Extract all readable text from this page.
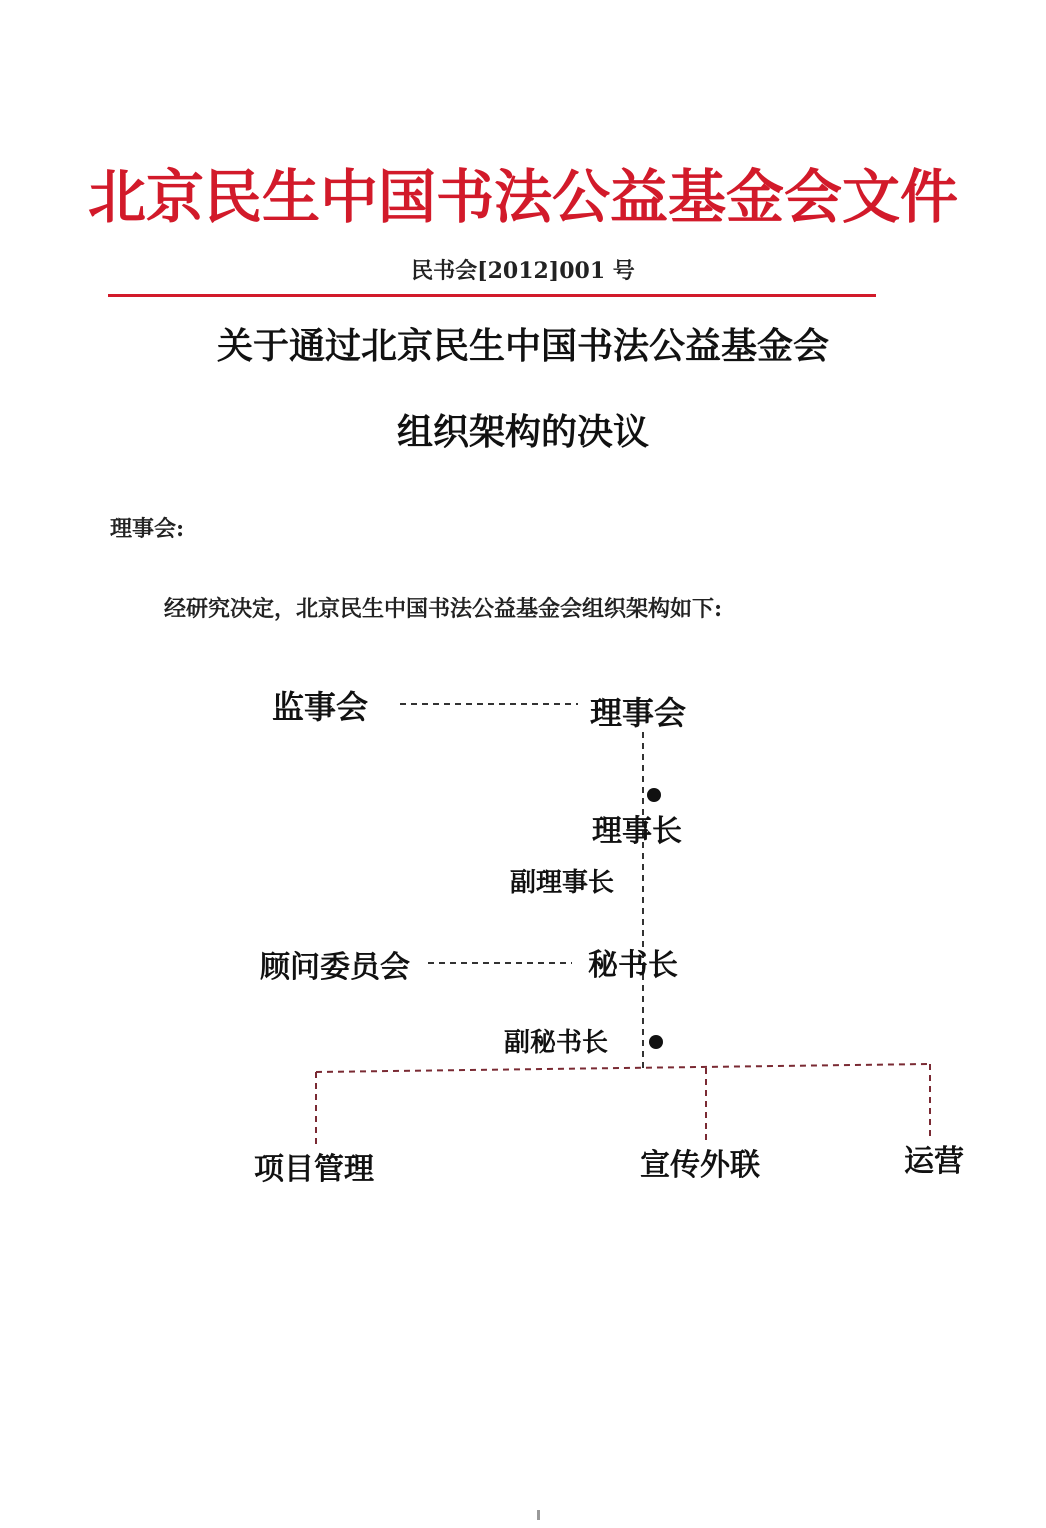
北京民生中国书法公益基金会文件
民书会[2012]001 号
关于通过北京民生中国书法公益基金会
组织架构的决议
理事会:
经研究决定，北京民生中国书法公益基金会组织架构如下:
监事会	理事会
理事长
副理事长
顾问委员会	秘书长
副秘书长
项目管理	宣传外联	运营
